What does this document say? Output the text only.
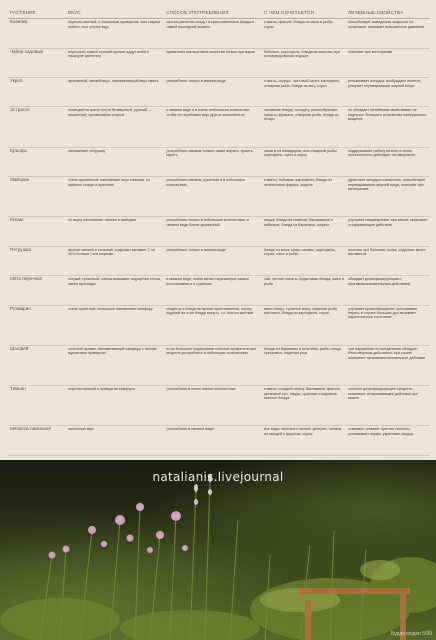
РАСТЕНИЕ	ВКУС	СПОСОБ УПОТРЕБЛЕНИЯ	С ЧЕМ СОЧЕТАЕТСЯ	ЛЕЧЕБНЫЕ СВОЙСТВА
Базилик	перечно-мятный, с лимонным привкусом; чем старше побеги, тем острее вкус	листья растение кладут в приготовленные блюда в самый последний момент	томаты, фасоль, блюда из мяса и рыбы, соусы	способствует выведению жидкости из организма, понижает повышенное давление
Чабер садовый	перечный; самый лучший аромат дадут побеги накануне цветения	применяют как вкусовые качества только при варке	бобовые, картофель, блюда из капусты, при консервировании огурцов	помогает при метеоризме
Укроп	ароматный, свежий вкус, напоминающий вкус тмина	употреблять только в свежем виде	томаты, огурцы, листовой салат, картофель, отварная рыба, блюда из яиц, соусы	успокаивает желудок, возбуждает аппетит, ускоряет переваривание жирной пищи
Эстрагон	немецкий эстрагон почти безвкусный, русский — пикантный, чрезвычайно острый	в свежем виде и в очень небольшом количестве, чтобы не перебивал вкус других компонентов	заливные блюда, холодец, разнообразные салаты, фрикасе, отварная рыба, блюда из птицы	не обладает лечебными свойствами; не содержит большого количества минеральных веществ
Кузьярь	напоминает петрушку	употреблять свежим, можно также жарить, тушить, варить	салаты из помидоров, или отварной рыбы, картофель, супы и соусы	поддерживает работу печени и почек, положительно действует на иммунитет
Майоран	очень ароматный, напоминает вкус тимьяна, но намного слаще и приятнее	употреблять свежим, сушеным и в небольших количествах	томаты, бобовые, картофель, блюда из печеночного фарша, жаркое	укрепляет желудок и кишечник, способствует перевариванию жирной пищи, помогает при метеоризме
Ригам	по вкусу напоминает тимьян и майоран	употреблять только в небольших количествах; в свежем виде более ароматный	пицца, блюда из томатов, баклажанов и кабачков, блюда из баранины, жаркое	улучшает пищеварение, при кашле оказывает отхаркивающее действие
Петрушка	аромат свежий и сильный, содержит витамин C на 20% больше, чем морковь	употреблять только в свежем виде	блюда из мяса, супы, салаты, картофель, соусы, мясо и рыба	полезна при болезнях почек, содержит много витаминов
Мята перечная	острый, приятный, слегка вызывает ощущение тепла, затем прохлады	в свежем виде, очень мелко нарезанную; можно использовать и в сушеном	чай, летние салаты, фруктовые блюда, мясо и рыба	обладает дезинфицирующим и противовоспалительным действием
Розмарин	очень приятный, несколько напоминает камфару	кладется в блюдо во время приготовления, перед подачей на стол блюда вынуть, т.к. листья жесткие	мясо птицы, тушеное мясо, жареная рыба или мясо, блюда из картофеля, соусы	улучшает кровообращение, успокаивает нервы, в случае больших доз вызывает наркотическое состояние
Шалфей	сильный аромат, напоминающий камфару с легким мускатным привкусом	из-за большого содержания сильных ароматических веществ употреблять в небольших количествах	блюда из баранины и ягнятины, рыба, птица, тресковые, жареная утка	при нарушении потоотделения обладает благотворным действием; при кашле оказывает противовоспалительное действие
Тимьян	перечно-пряный с привкусом камфары	употреблять в очень малых количествах	томаты, сладкий перец, баклажаны, фасоль, кремовый суп, пицца, тушеные и жареные мясные блюда	сильное дезинфицирующее средство, оказывает отхаркивающее действие при кашле
Мелисса лимонная	лимонный вкус	употреблять в свежем виде!	все виды листового салата, десерты, салаты из овощей и фруктов, соусы	освежает, снимает чувство тошноты, успокаивает нервы, укрепляет сердце
natalianis.livejournal
Бурда моден 5/99
